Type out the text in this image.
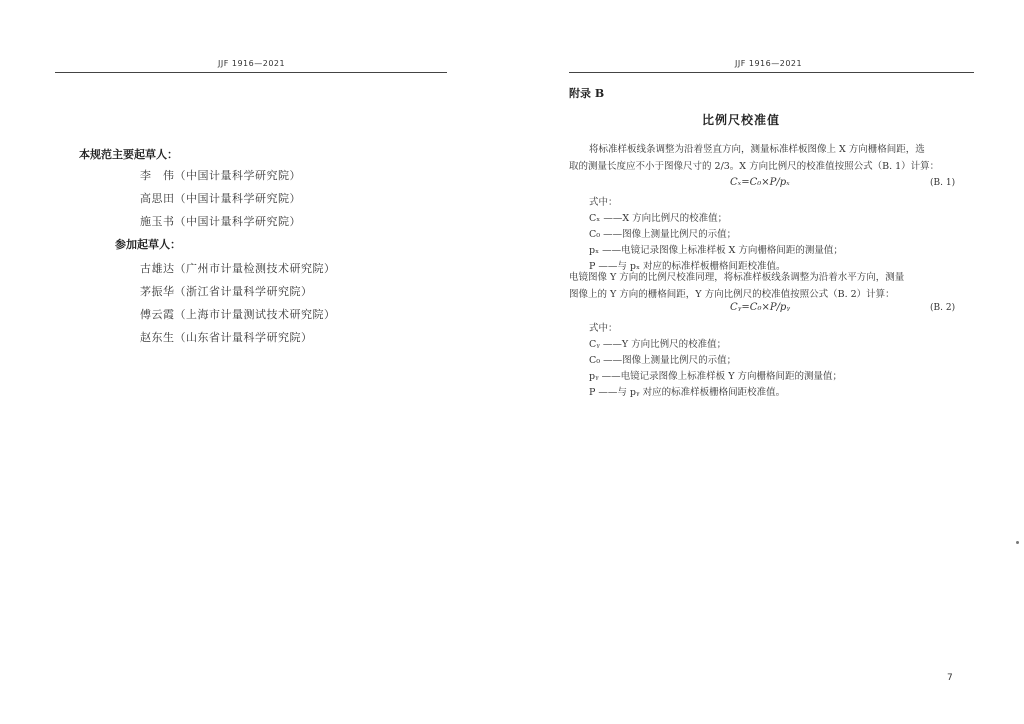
JJF 1916—2021
本规范主要起草人：
李　伟（中国计量科学研究院）
高思田（中国计量科学研究院）
施玉书（中国计量科学研究院）
参加起草人：
古雄达（广州市计量检测技术研究院）
茅振华（浙江省计量科学研究院）
傅云霞（上海市计量测试技术研究院）
赵东生（山东省计量科学研究院）
JJF 1916—2021
附录 B
比例尺校准值
将标准样板线条调整为沿着竖直方向，测量标准样板图像上 X 方向栅格间距，选
取的测量长度应不小于图像尺寸的 2/3。X 方向比例尺的校准值按照公式（B. 1）计算：
Cₓ=C₀×P/pₓ	(B. 1)
式中：
Cₓ ——X 方向比例尺的校准值；
C₀ ——图像上测量比例尺的示值；
pₓ ——电镜记录图像上标准样板 X 方向栅格间距的测量值；
P ——与 pₓ 对应的标准样板栅格间距校准值。
电镜图像 Y 方向的比例尺校准同理，将标准样板线条调整为沿着水平方向，测量
图像上的 Y 方向的栅格间距，Y 方向比例尺的校准值按照公式（B. 2）计算：
Cᵧ=C₀×P/pᵧ	(B. 2)
式中：
Cᵧ ——Y 方向比例尺的校准值；
C₀ ——图像上测量比例尺的示值；
pᵧ ——电镜记录图像上标准样板 Y 方向栅格间距的测量值；
P ——与 pᵧ 对应的标准样板栅格间距校准值。
7
